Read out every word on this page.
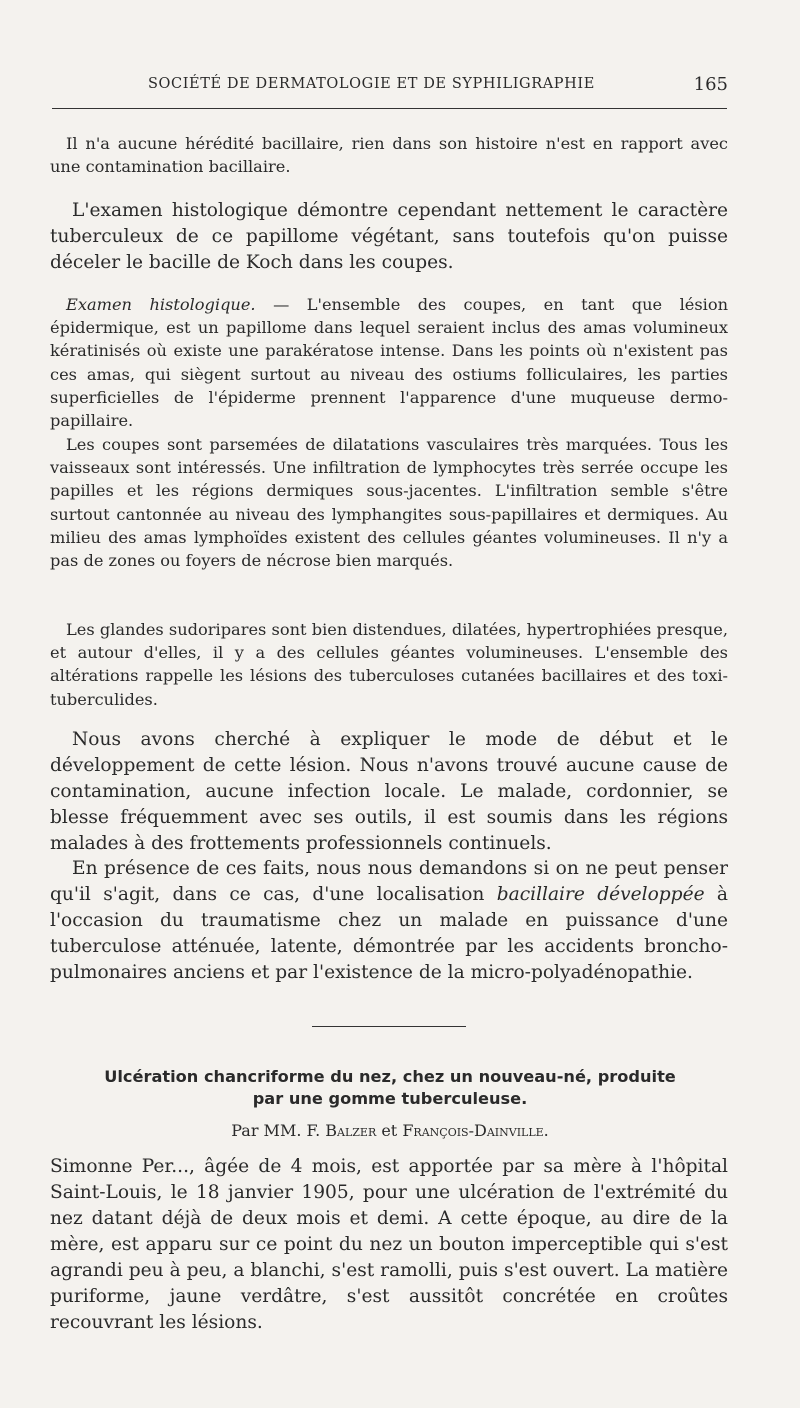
SOCIÉTÉ DE DERMATOLOGIE ET DE SYPHILIGRAPHIE	165

Il n'a aucune hérédité bacillaire, rien dans son histoire n'est en rapport avec une contamination bacillaire.

L'examen histologique démontre cependant nettement le caractère tuberculeux de ce papillome végétant, sans toutefois qu'on puisse déceler le bacille de Koch dans les coupes.

Examen histologique. — L'ensemble des coupes, en tant que lésion épidermique, est un papillome dans lequel seraient inclus des amas volumineux kératinisés où existe une parakératose intense. Dans les points où n'existent pas ces amas, qui siègent surtout au niveau des ostiums folliculaires, les parties superficielles de l'épiderme prennent l'apparence d'une muqueuse dermo-papillaire.

Les coupes sont parsemées de dilatations vasculaires très marquées. Tous les vaisseaux sont intéressés. Une infiltration de lymphocytes très serrée occupe les papilles et les régions dermiques sous-jacentes. L'infiltration semble s'être surtout cantonnée au niveau des lymphangites sous-papillaires et dermiques. Au milieu des amas lymphoïdes existent des cellules géantes volumineuses. Il n'y a pas de zones ou foyers de nécrose bien marqués.

Les glandes sudoripares sont bien distendues, dilatées, hypertrophiées presque, et autour d'elles, il y a des cellules géantes volumineuses. L'ensemble des altérations rappelle les lésions des tuberculoses cutanées bacillaires et des toxi-tuberculides.

Nous avons cherché à expliquer le mode de début et le développement de cette lésion. Nous n'avons trouvé aucune cause de contamination, aucune infection locale. Le malade, cordonnier, se blesse fréquemment avec ses outils, il est soumis dans les régions malades à des frottements professionnels continuels.

En présence de ces faits, nous nous demandons si on ne peut penser qu'il s'agit, dans ce cas, d'une localisation bacillaire développée à l'occasion du traumatisme chez un malade en puissance d'une tuberculose atténuée, latente, démontrée par les accidents broncho-pulmonaires anciens et par l'existence de la micro-polyadénopathie.

Ulcération chancriforme du nez, chez un nouveau-né, produite
par une gomme tuberculeuse.

Par MM. F. Balzer et François-Dainville.

Simonne Per..., âgée de 4 mois, est apportée par sa mère à l'hôpital Saint-Louis, le 18 janvier 1905, pour une ulcération de l'extrémité du nez datant déjà de deux mois et demi. A cette époque, au dire de la mère, est apparu sur ce point du nez un bouton imperceptible qui s'est agrandi peu à peu, a blanchi, s'est ramolli, puis s'est ouvert. La matière puriforme, jaune verdâtre, s'est aussitôt concrétée en croûtes recouvrant les lésions.
